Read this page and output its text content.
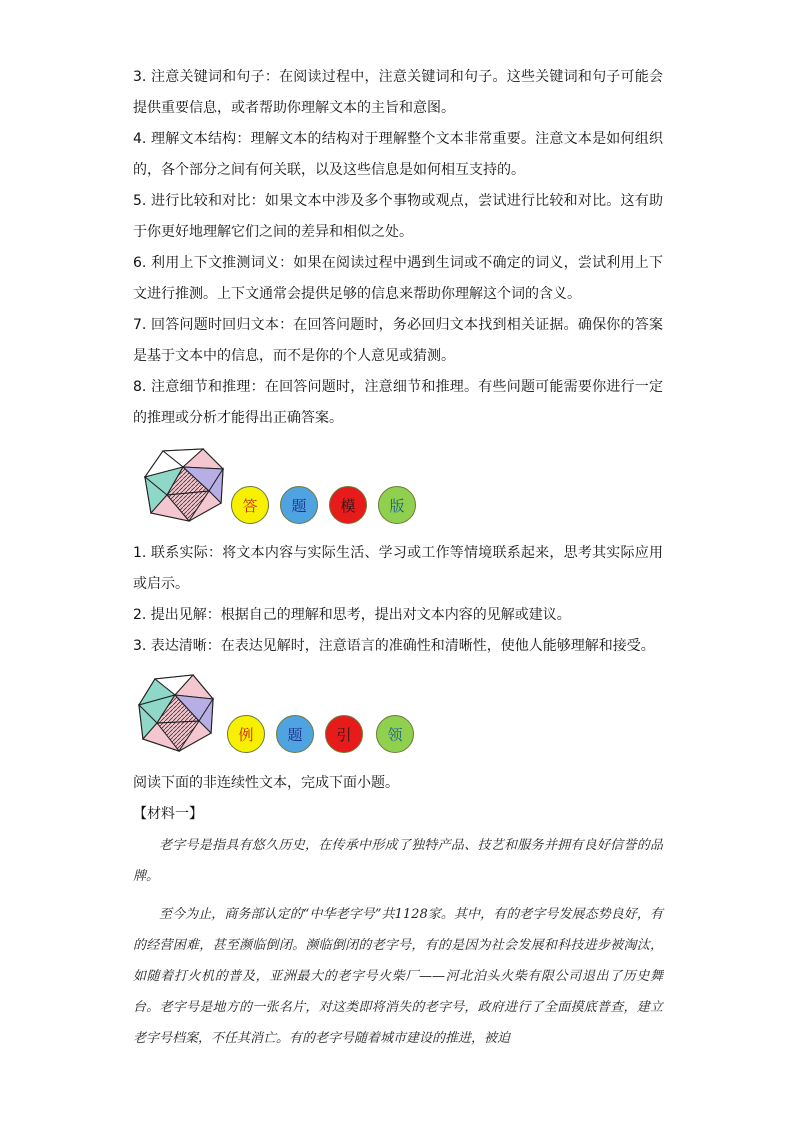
3. 注意关键词和句子：在阅读过程中，注意关键词和句子。这些关键词和句子可能会提供重要信息，或者帮助你理解文本的主旨和意图。

4. 理解文本结构：理解文本的结构对于理解整个文本非常重要。注意文本是如何组织的，各个部分之间有何关联，以及这些信息是如何相互支持的。

5. 进行比较和对比：如果文本中涉及多个事物或观点，尝试进行比较和对比。这有助于你更好地理解它们之间的差异和相似之处。

6. 利用上下文推测词义：如果在阅读过程中遇到生词或不确定的词义，尝试利用上下文进行推测。上下文通常会提供足够的信息来帮助你理解这个词的含义。

7. 回答问题时回归文本：在回答问题时，务必回归文本找到相关证据。确保你的答案是基于文本中的信息，而不是你的个人意见或猜测。

8. 注意细节和推理：在回答问题时，注意细节和推理。有些问题可能需要你进行一定的推理或分析才能得出正确答案。

答	题	模	版

1. 联系实际：将文本内容与实际生活、学习或工作等情境联系起来，思考其实际应用或启示。

2. 提出见解：根据自己的理解和思考，提出对文本内容的见解或建议。

3. 表达清晰：在表达见解时，注意语言的准确性和清晰性，使他人能够理解和接受。

例	题	引	领

阅读下面的非连续性文本，完成下面小题。

【材料一】

老字号是指具有悠久历史，在传承中形成了独特产品、技艺和服务并拥有良好信誉的品牌。

至今为止，商务部认定的“中华老字号”共1128家。其中，有的老字号发展态势良好，有的经营困难，甚至濒临倒闭。濒临倒闭的老字号，有的是因为社会发展和科技进步被淘汰，如随着打火机的普及，亚洲最大的老字号火柴厂——河北泊头火柴有限公司退出了历史舞台。老字号是地方的一张名片，对这类即将消失的老字号，政府进行了全面摸底普查，建立老字号档案，不任其消亡。有的老字号随着城市建设的推进，被迫
